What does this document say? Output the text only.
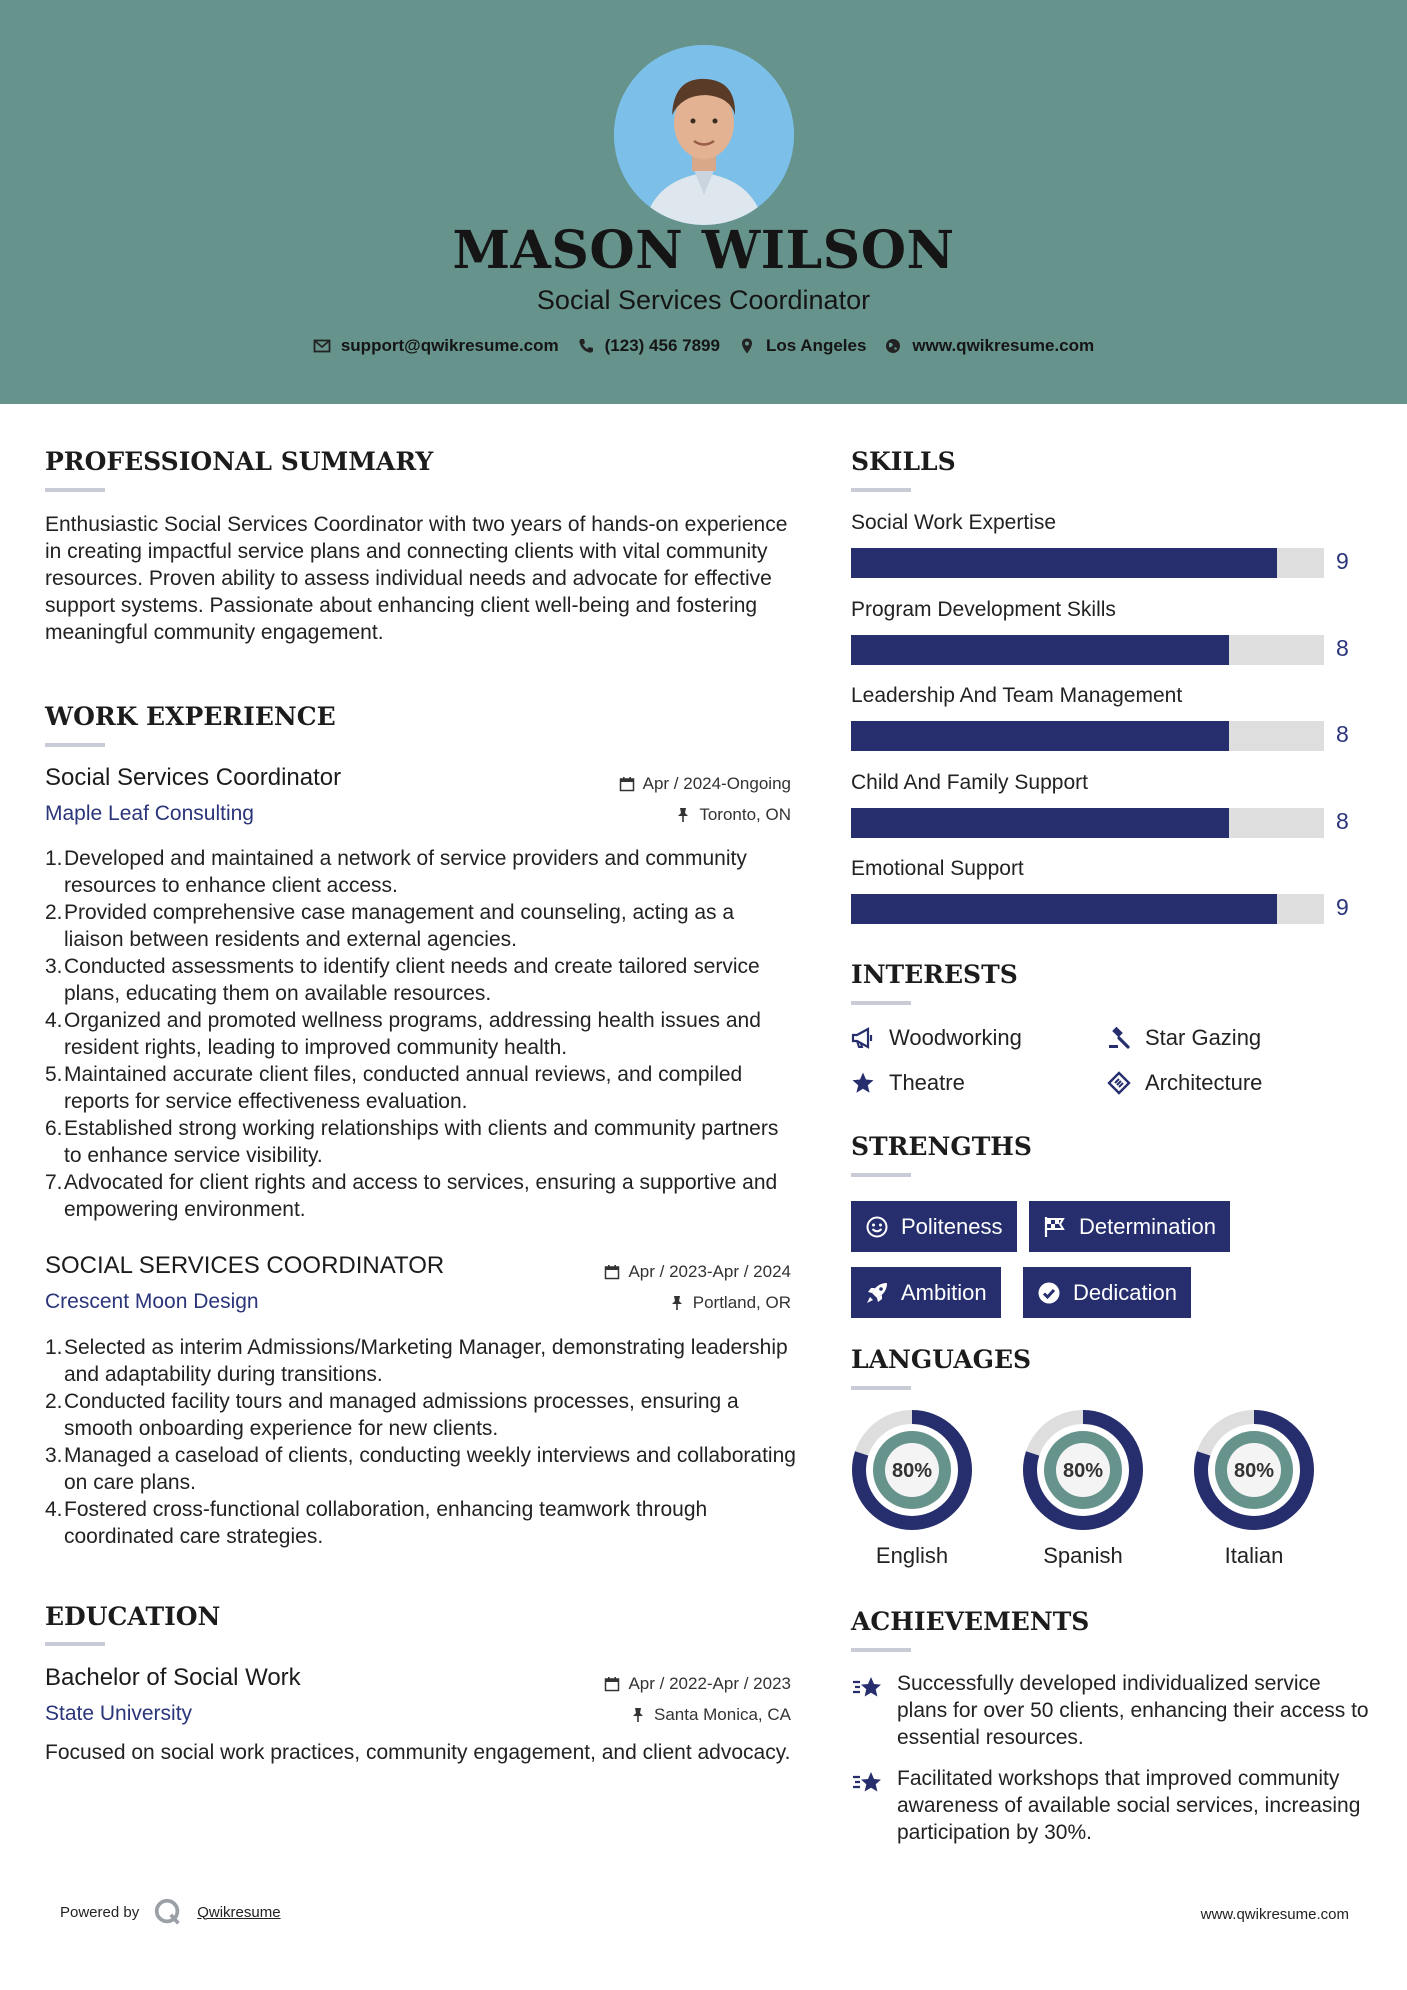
MASON WILSON
Social Services Coordinator
support@qwikresume.com	(123) 456 7899	Los Angeles	www.qwikresume.com
PROFESSIONAL SUMMARY
Enthusiastic Social Services Coordinator with two years of hands-on experience in creating impactful service plans and connecting clients with vital community resources. Proven ability to assess individual needs and advocate for effective support systems. Passionate about enhancing client well-being and fostering meaningful community engagement.
WORK EXPERIENCE
Social Services Coordinator
Maple Leaf Consulting
Apr / 2024-Ongoing
Toronto, ON
1. Developed and maintained a network of service providers and community resources to enhance client access.
2. Provided comprehensive case management and counseling, acting as a liaison between residents and external agencies.
3. Conducted assessments to identify client needs and create tailored service plans, educating them on available resources.
4. Organized and promoted wellness programs, addressing health issues and resident rights, leading to improved community health.
5. Maintained accurate client files, conducted annual reviews, and compiled reports for service effectiveness evaluation.
6. Established strong working relationships with clients and community partners to enhance service visibility.
7. Advocated for client rights and access to services, ensuring a supportive and empowering environment.
SOCIAL SERVICES COORDINATOR
Crescent Moon Design
Apr / 2023-Apr / 2024
Portland, OR
1. Selected as interim Admissions/Marketing Manager, demonstrating leadership and adaptability during transitions.
2. Conducted facility tours and managed admissions processes, ensuring a smooth onboarding experience for new clients.
3. Managed a caseload of clients, conducting weekly interviews and collaborating on care plans.
4. Fostered cross-functional collaboration, enhancing teamwork through coordinated care strategies.
EDUCATION
Bachelor of Social Work
State University
Apr / 2022-Apr / 2023
Santa Monica, CA
Focused on social work practices, community engagement, and client advocacy.
SKILLS
Social Work Expertise
9
Program Development Skills
8
Leadership And Team Management
8
Child And Family Support
8
Emotional Support
9
INTERESTS
Woodworking	Star Gazing
Theatre	Architecture
STRENGTHS
Politeness	Determination
Ambition	Dedication
LANGUAGES
80%
English
80%
Spanish
80%
Italian
ACHIEVEMENTS
Successfully developed individualized service plans for over 50 clients, enhancing their access to essential resources.
Facilitated workshops that improved community awareness of available social services, increasing participation by 30%.
Powered by	Qwikresume	www.qwikresume.com
